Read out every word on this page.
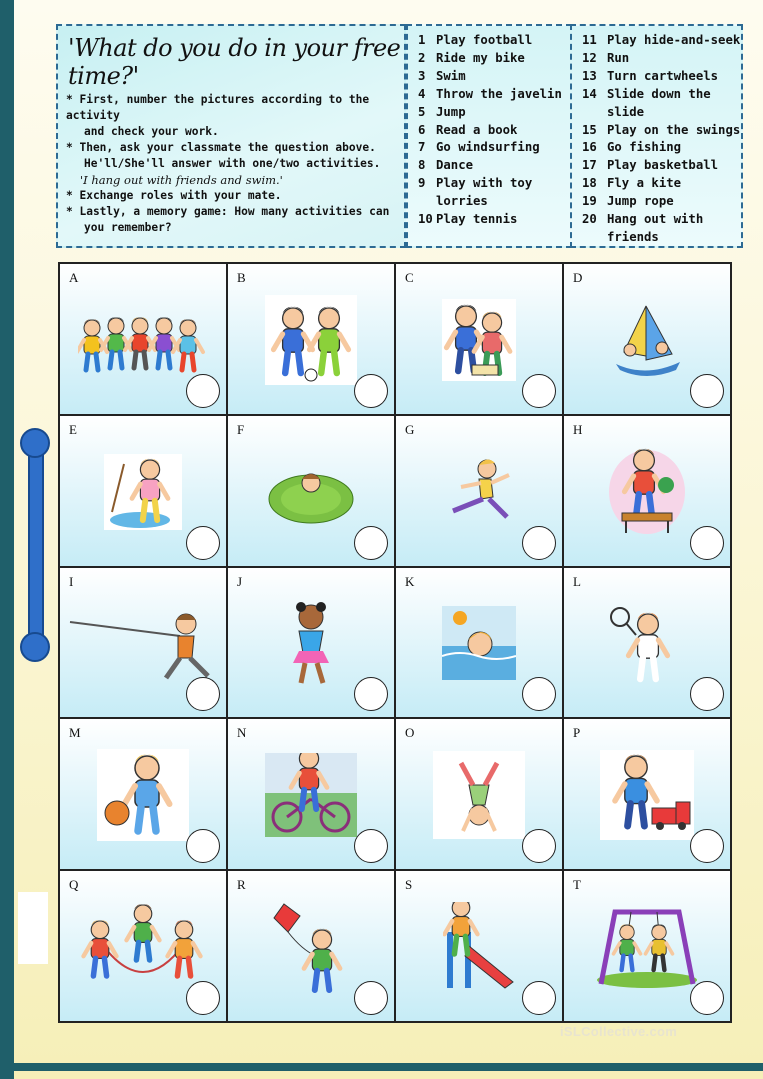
'What do you do in your free time?'

* First, number the pictures according to the activity

and check your work.

* Then, ask your classmate the question above.

He'll/She'll answer with one/two activities.

'I hang out with friends and swim.'

* Exchange roles with your mate.

* Lastly, a memory game: How many activities can

you remember?

1 Play football
2 Ride my bike
3 Swim
4 Throw the javelin
5 Jump
6 Read a book
7 Go windsurfing
8 Dance
9 Play with toy lorries
10 Play tennis
11 Play hide-and-seek
12 Run
13 Turn cartwheels
14 Slide down the slide
15 Play on the swings
16 Go fishing
17 Play basketball
18 Fly a kite
19 Jump rope
20 Hang out with friends
A	B	C	D
E	F	G	H
I	J	K	L
M	N	O	P
Q	R	S	T
iSLCollective.com
